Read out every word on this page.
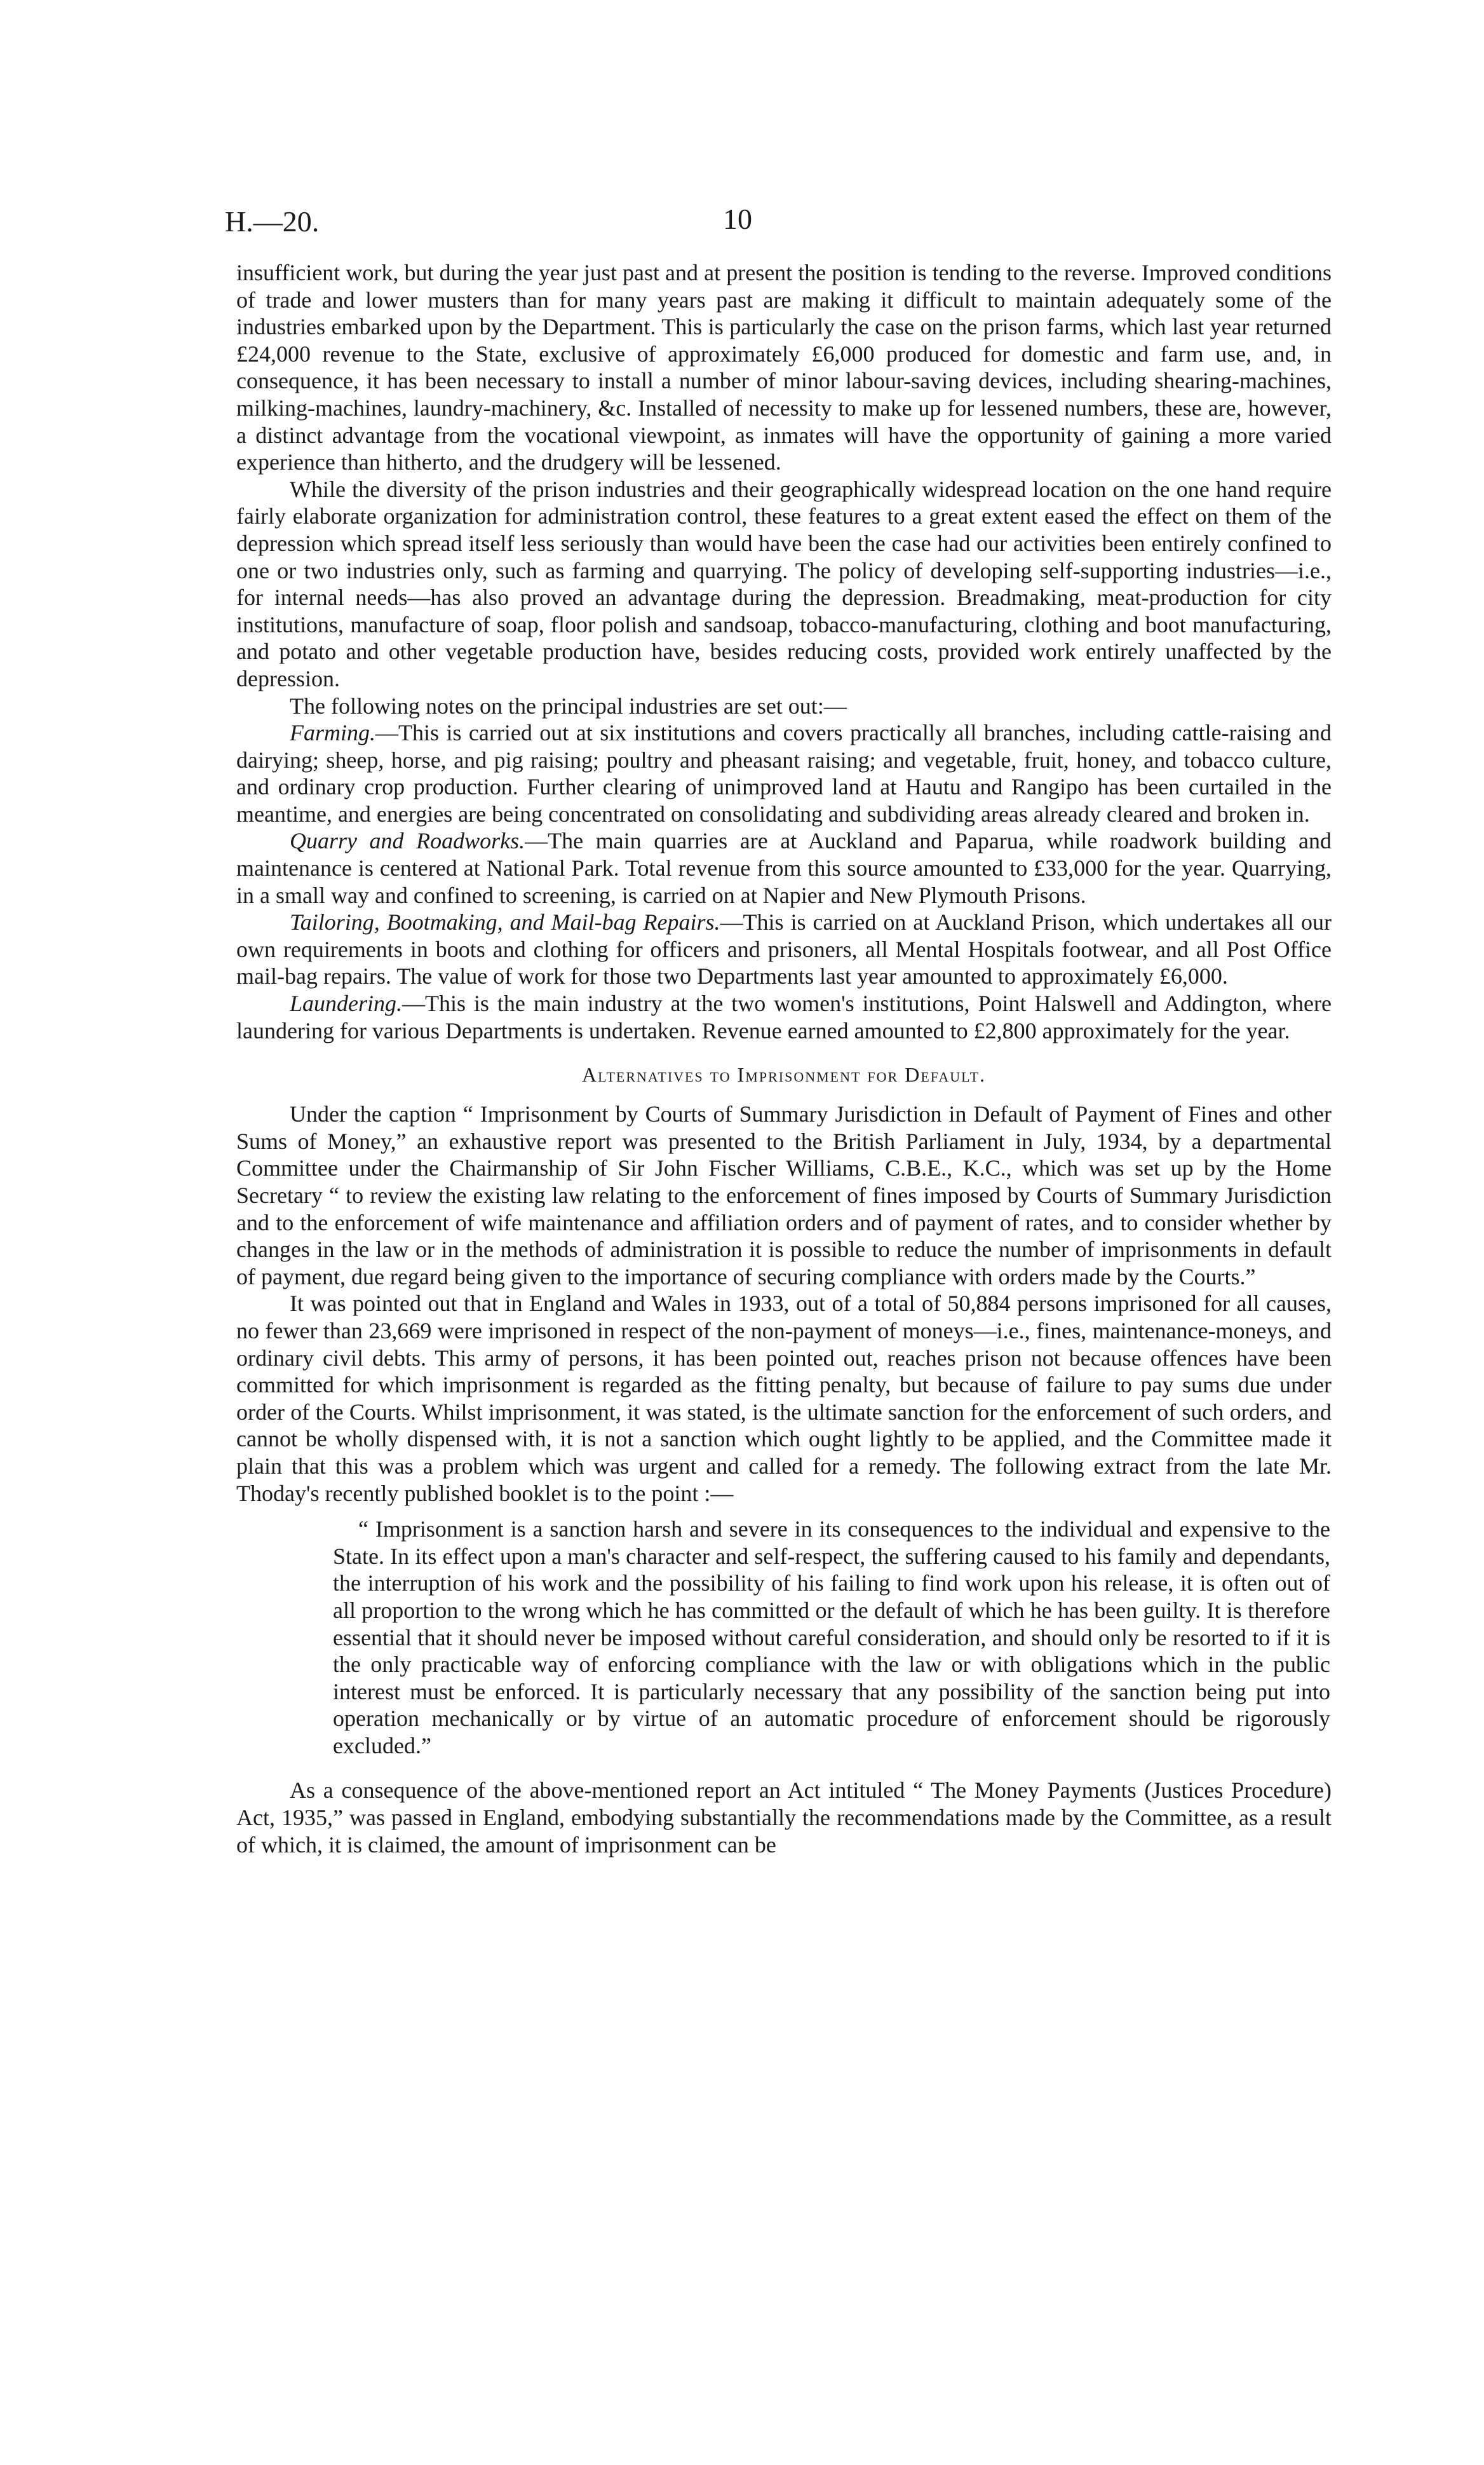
H.—20.	10

insufficient work, but during the year just past and at present the position is tending to the reverse. Improved conditions of trade and lower musters than for many years past are making it difficult to maintain adequately some of the industries embarked upon by the Department. This is particularly the case on the prison farms, which last year returned £24,000 revenue to the State, exclusive of approximately £6,000 produced for domestic and farm use, and, in consequence, it has been necessary to install a number of minor labour-saving devices, including shearing-machines, milking-machines, laundry-machinery, &c. Installed of necessity to make up for lessened numbers, these are, however, a distinct advantage from the vocational viewpoint, as inmates will have the opportunity of gaining a more varied experience than hitherto, and the drudgery will be lessened.

While the diversity of the prison industries and their geographically widespread location on the one hand require fairly elaborate organization for administration control, these features to a great extent eased the effect on them of the depression which spread itself less seriously than would have been the case had our activities been entirely confined to one or two industries only, such as farming and quarrying. The policy of developing self-supporting industries—i.e., for internal needs—has also proved an advantage during the depression. Breadmaking, meat-production for city institutions, manufacture of soap, floor polish and sandsoap, tobacco-manufacturing, clothing and boot manufacturing, and potato and other vegetable production have, besides reducing costs, provided work entirely unaffected by the depression.

The following notes on the principal industries are set out:—

Farming.—This is carried out at six institutions and covers practically all branches, including cattle-raising and dairying; sheep, horse, and pig raising; poultry and pheasant raising; and vegetable, fruit, honey, and tobacco culture, and ordinary crop production. Further clearing of unimproved land at Hautu and Rangipo has been curtailed in the meantime, and energies are being concentrated on consolidating and subdividing areas already cleared and broken in.

Quarry and Roadworks.—The main quarries are at Auckland and Paparua, while roadwork building and maintenance is centered at National Park. Total revenue from this source amounted to £33,000 for the year. Quarrying, in a small way and confined to screening, is carried on at Napier and New Plymouth Prisons.

Tailoring, Bootmaking, and Mail-bag Repairs.—This is carried on at Auckland Prison, which undertakes all our own requirements in boots and clothing for officers and prisoners, all Mental Hospitals footwear, and all Post Office mail-bag repairs. The value of work for those two Departments last year amounted to approximately £6,000.

Laundering.—This is the main industry at the two women's institutions, Point Halswell and Addington, where laundering for various Departments is undertaken. Revenue earned amounted to £2,800 approximately for the year.

Alternatives to Imprisonment for Default.

Under the caption “ Imprisonment by Courts of Summary Jurisdiction in Default of Payment of Fines and other Sums of Money,” an exhaustive report was presented to the British Parliament in July, 1934, by a departmental Committee under the Chairmanship of Sir John Fischer Williams, C.B.E., K.C., which was set up by the Home Secretary “ to review the existing law relating to the enforcement of fines imposed by Courts of Summary Jurisdiction and to the enforcement of wife maintenance and affiliation orders and of payment of rates, and to consider whether by changes in the law or in the methods of administration it is possible to reduce the number of imprisonments in default of payment, due regard being given to the importance of securing compliance with orders made by the Courts.”

It was pointed out that in England and Wales in 1933, out of a total of 50,884 persons imprisoned for all causes, no fewer than 23,669 were imprisoned in respect of the non-payment of moneys—i.e., fines, maintenance-moneys, and ordinary civil debts. This army of persons, it has been pointed out, reaches prison not because offences have been committed for which imprisonment is regarded as the fitting penalty, but because of failure to pay sums due under order of the Courts. Whilst imprisonment, it was stated, is the ultimate sanction for the enforcement of such orders, and cannot be wholly dispensed with, it is not a sanction which ought lightly to be applied, and the Committee made it plain that this was a problem which was urgent and called for a remedy. The following extract from the late Mr. Thoday's recently published booklet is to the point :—

“ Imprisonment is a sanction harsh and severe in its consequences to the individual and expensive to the State. In its effect upon a man's character and self-respect, the suffering caused to his family and dependants, the interruption of his work and the possibility of his failing to find work upon his release, it is often out of all proportion to the wrong which he has committed or the default of which he has been guilty. It is therefore essential that it should never be imposed without careful consideration, and should only be resorted to if it is the only practicable way of enforcing compliance with the law or with obligations which in the public interest must be enforced. It is particularly necessary that any possibility of the sanction being put into operation mechanically or by virtue of an automatic procedure of enforcement should be rigorously excluded.”

As a consequence of the above-mentioned report an Act intituled “ The Money Payments (Justices Procedure) Act, 1935,” was passed in England, embodying substantially the recommendations made by the Committee, as a result of which, it is claimed, the amount of imprisonment can be
